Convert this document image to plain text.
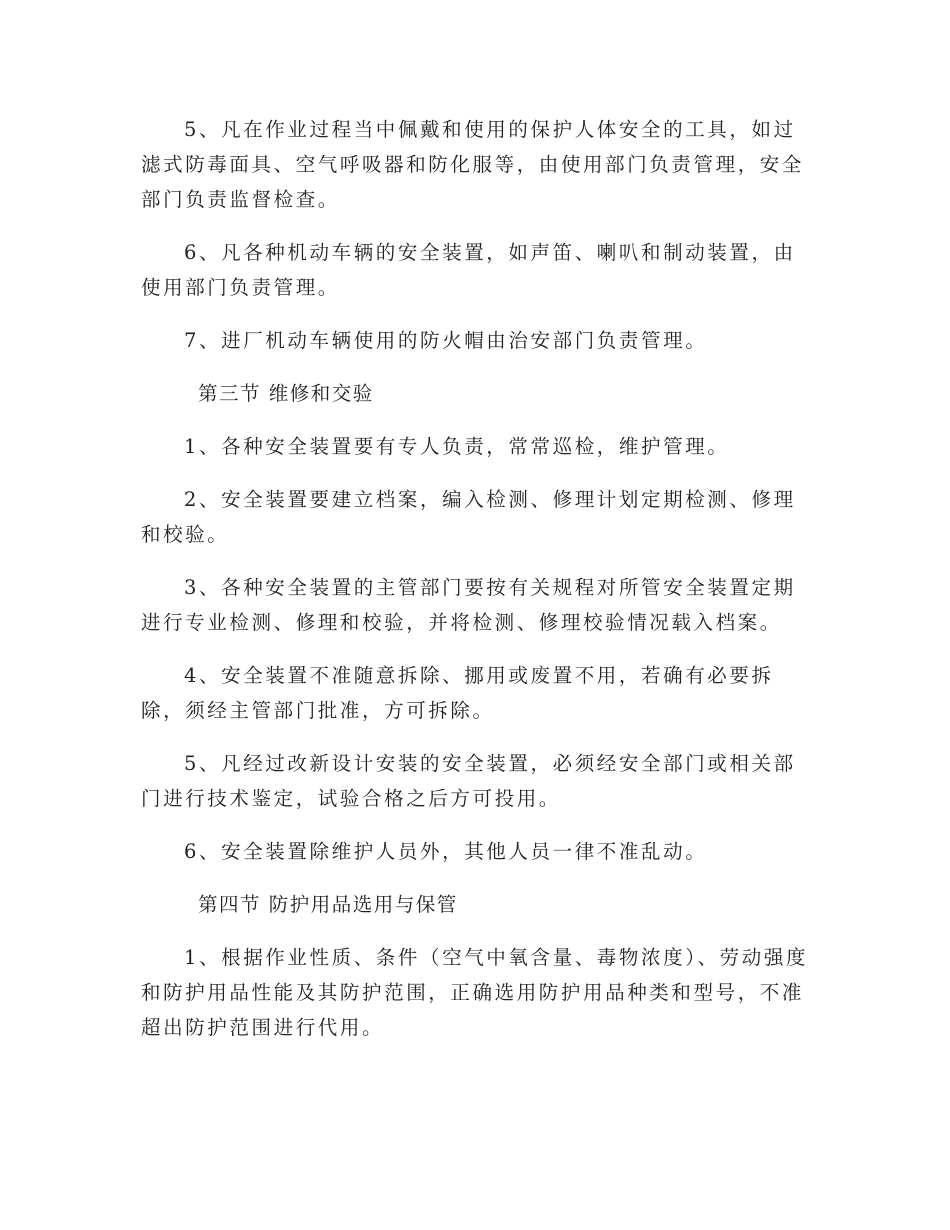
5、凡在作业过程当中佩戴和使用的保护人体安全的工具，如过滤式防毒面具、空气呼吸器和防化服等，由使用部门负责管理，安全部门负责监督检查。

6、凡各种机动车辆的安全装置，如声笛、喇叭和制动装置，由使用部门负责管理。

7、进厂机动车辆使用的防火帽由治安部门负责管理。

第三节 维修和交验

1、各种安全装置要有专人负责，常常巡检，维护管理。

2、安全装置要建立档案，编入检测、修理计划定期检测、修理和校验。

3、各种安全装置的主管部门要按有关规程对所管安全装置定期进行专业检测、修理和校验，并将检测、修理校验情况载入档案。

4、安全装置不准随意拆除、挪用或废置不用，若确有必要拆除，须经主管部门批准，方可拆除。

5、凡经过改新设计安装的安全装置，必须经安全部门或相关部门进行技术鉴定，试验合格之后方可投用。

6、安全装置除维护人员外，其他人员一律不准乱动。

第四节 防护用品选用与保管

1、根据作业性质、条件（空气中氧含量、毒物浓度）、劳动强度和防护用品性能及其防护范围，正确选用防护用品种类和型号，不准超出防护范围进行代用。
